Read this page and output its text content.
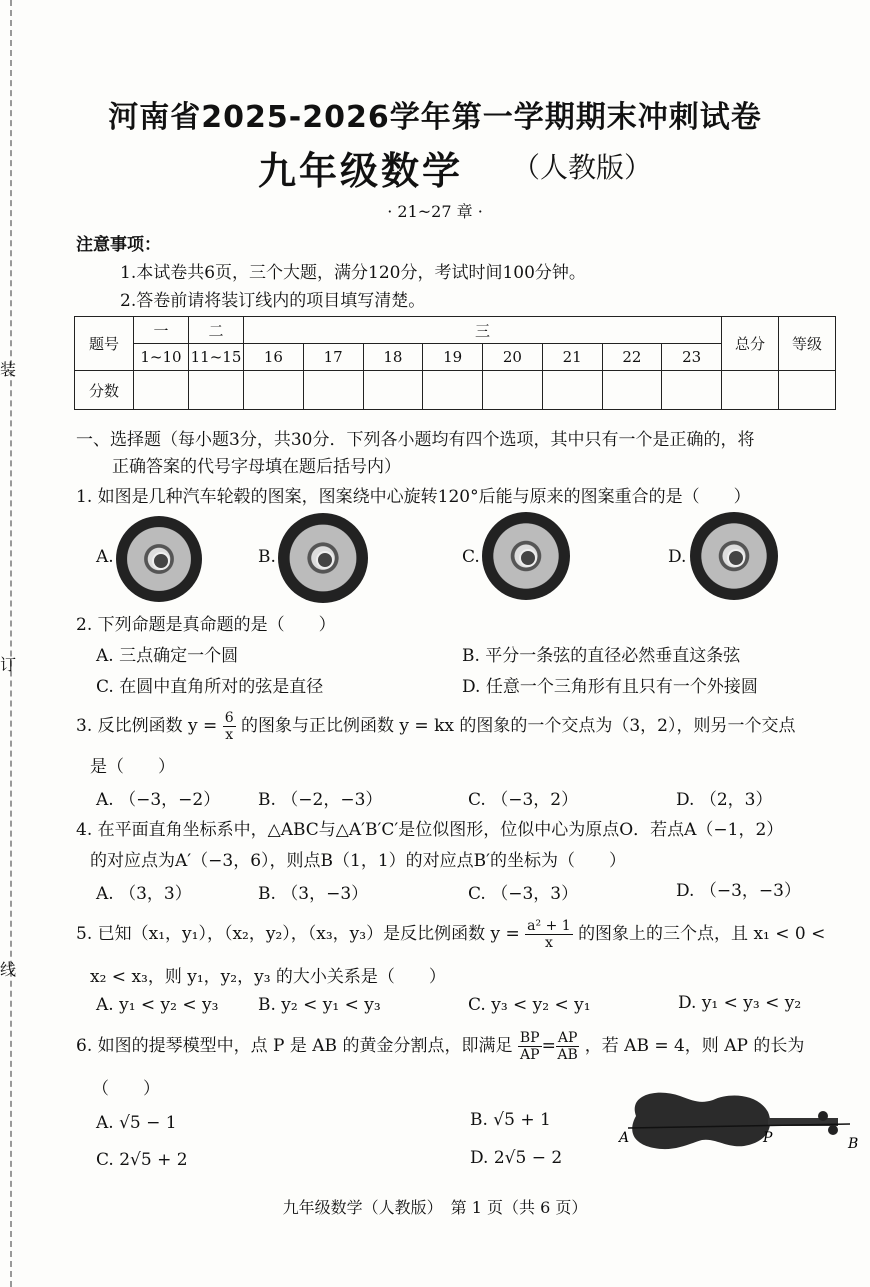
装
订
线
河南省2025-2026学年第一学期期末冲刺试卷
九年级数学 （人教版）
· 21~27 章 ·
注意事项：
1.本试卷共6页，三个大题，满分120分，考试时间100分钟。
2.答卷前请将装订线内的项目填写清楚。
题号	一	二	三								总分	等级
	1~10	11~15	16	17	18	19	20	21	22	23		
分数												
一、选择题（每小题3分，共30分．下列各小题均有四个选项，其中只有一个是正确的，将
正确答案的代号字母填在题后括号内）
1. 如图是几种汽车轮毂的图案，图案绕中心旋转120°后能与原来的图案重合的是（　　）
A.	B.	C.	D.
2. 下列命题是真命题的是（　　）
A. 三点确定一个圆	B. 平分一条弦的直径必然垂直这条弦
C. 在圆中直角所对的弦是直径	D. 任意一个三角形有且只有一个外接圆
3. 反比例函数 $y = \frac{6}{x}$ 的图象与正比例函数 y = kx 的图象的一个交点为（3，2），则另一个交点
是（　　）
A. （−3，−2） B. （−2，−3）	C. （−3，2）	D. （2，3）
4. 在平面直角坐标系中，△ABC与△A′B′C′是位似图形，位似中心为原点O．若点A（−1，2）
的对应点为A′（−3，6），则点B（1，1）的对应点B′的坐标为（　　）
A. （3，3）	B. （3，−3）	C. （−3，3）	D. （−3，−3）
5. 已知（x₁，y₁），（x₂，y₂），（x₃，y₃）是反比例函数 $y = \frac{\text{a² + 1}}{x}$ 的图象上的三个点，且 x₁ < 0 <
x₂ < x₃，则 y₁，y₂，y₃ 的大小关系是（　　）
A. y₁ < y₂ < y₃ B. y₂ < y₁ < y₃	C. y₃ < y₂ < y₁	D. y₁ < y₃ < y₂
6. 如图的提琴模型中，点 P 是 AB 的黄金分割点，即满足 $\frac{BP}{AP} = \frac{AP}{AB}$ ，若 AB = 4，则 AP 的长为
（　　）
A. √5 − 1	B. √5 + 1
C. 2√5 + 2	D. 2√5 − 2
A	P	B
九年级数学（人教版）　第 1 页（共 6 页）
